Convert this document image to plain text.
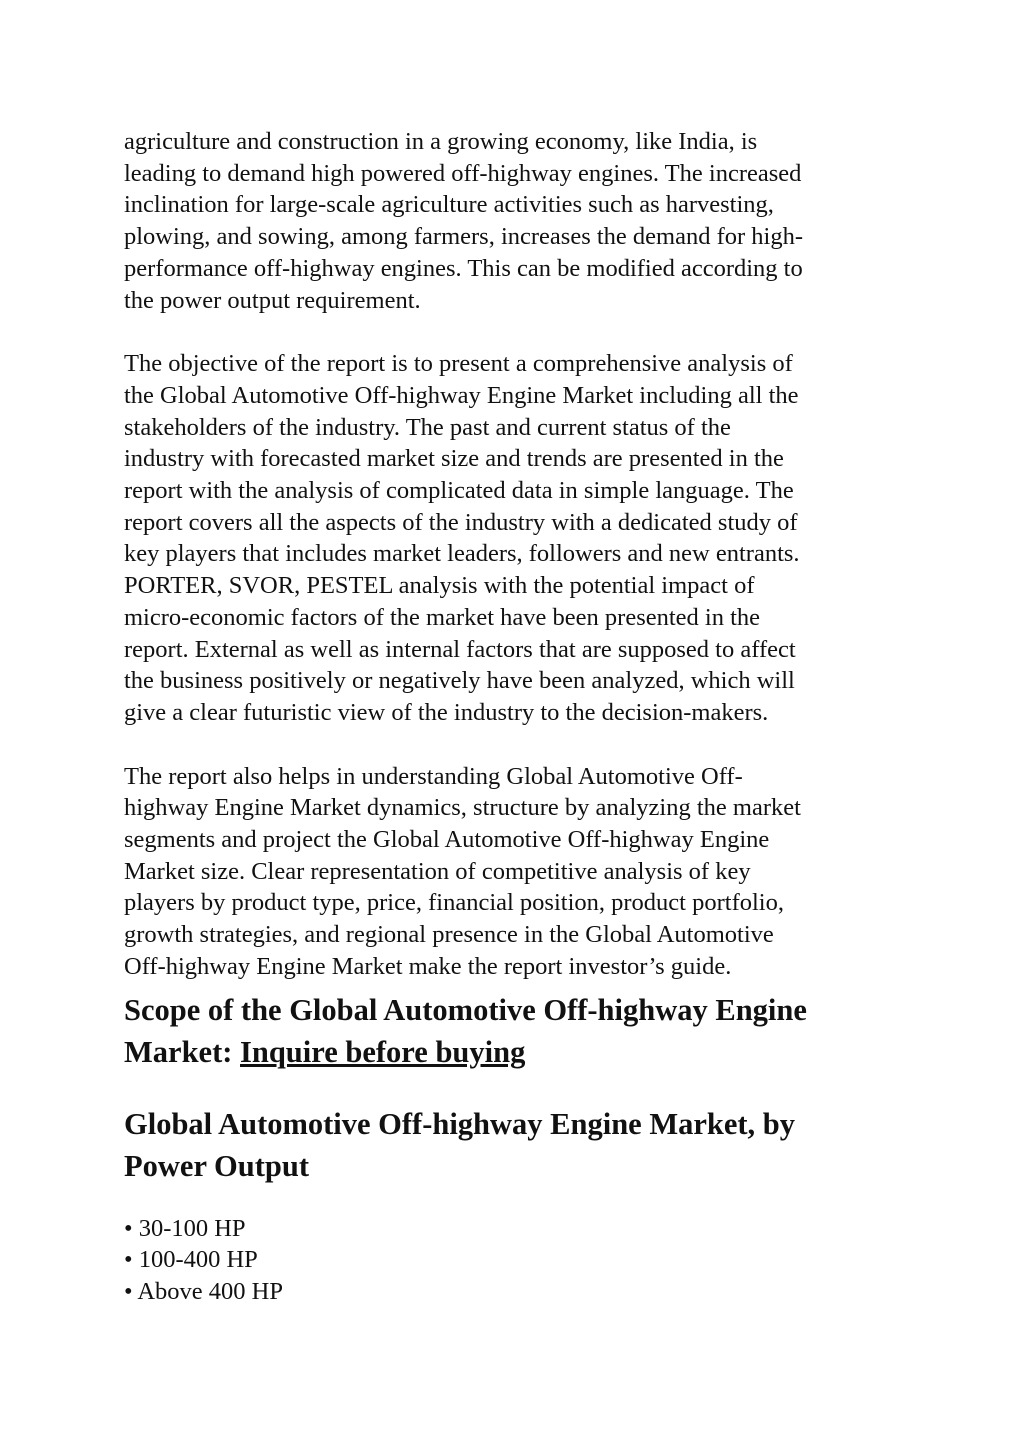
agriculture and construction in a growing economy, like India, is
leading to demand high powered off-highway engines. The increased
inclination for large-scale agriculture activities such as harvesting,
plowing, and sowing, among farmers, increases the demand for high-
performance off-highway engines. This can be modified according to
the power output requirement.

The objective of the report is to present a comprehensive analysis of
the Global Automotive Off-highway Engine Market including all the
stakeholders of the industry. The past and current status of the
industry with forecasted market size and trends are presented in the
report with the analysis of complicated data in simple language. The
report covers all the aspects of the industry with a dedicated study of
key players that includes market leaders, followers and new entrants.
PORTER, SVOR, PESTEL analysis with the potential impact of
micro-economic factors of the market have been presented in the
report. External as well as internal factors that are supposed to affect
the business positively or negatively have been analyzed, which will
give a clear futuristic view of the industry to the decision-makers.

The report also helps in understanding Global Automotive Off-
highway Engine Market dynamics, structure by analyzing the market
segments and project the Global Automotive Off-highway Engine
Market size. Clear representation of competitive analysis of key
players by product type, price, financial position, product portfolio,
growth strategies, and regional presence in the Global Automotive
Off-highway Engine Market make the report investor’s guide.

Scope of the Global Automotive Off-highway Engine
Market: Inquire before buying
Global Automotive Off-highway Engine Market, by
Power Output
• 30-100 HP
• 100-400 HP
• Above 400 HP
